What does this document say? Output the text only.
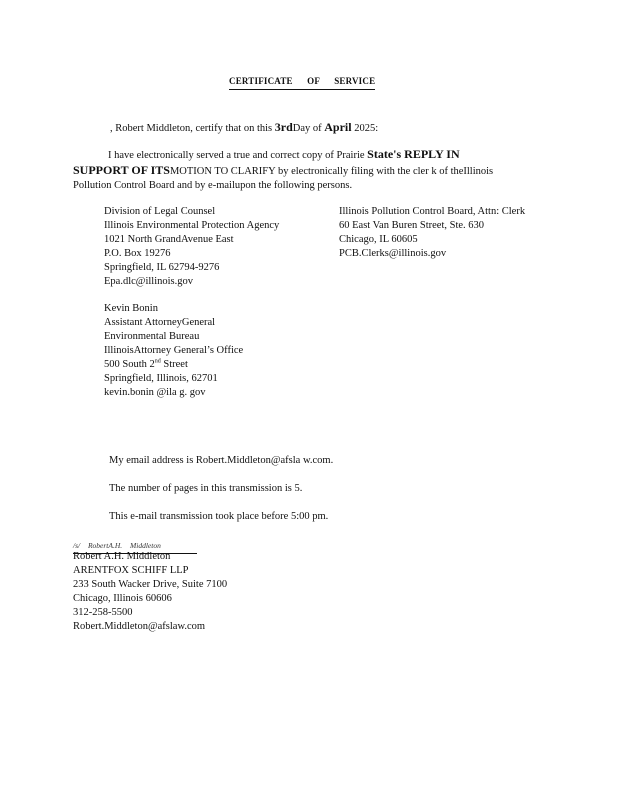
CERTIFICATE OF SERVICE
, Robert Middleton, certify that on this 3rdDay of April 2025:
I have electronically served a true and correct copy of Prairie State's REPLY IN
SUPPORT OF ITSMOTION TO CLARIFY by electronically filing with the cler k of theIllinois
Pollution Control Board and by e-mailupon the following persons.
Division of Legal Counsel
Illinois Environmental Protection Agency
1021 North GrandAvenue East
P.O. Box 19276
Springfield, IL 62794-9276
Epa.dlc@illinois.gov
Illinois Pollution Control Board, Attn: Clerk
60 East Van Buren Street, Ste. 630
Chicago, IL 60605
PCB.Clerks@illinois.gov
Kevin Bonin
Assistant AttorneyGeneral
Environmental Bureau
IllinoisAttorney General’s Office
500 South 2nd Street
Springfield, Illinois, 62701
kevin.bonin @ila g. gov
My email address is Robert.Middleton@afsla w.com.
The number of pages in this transmission is 5.
This e-mail transmission took place before 5:00 pm.
/s/ RobertA.H. Middleton
Robert A.H. Middleton
ARENTFOX SCHIFF LLP
233 South Wacker Drive, Suite 7100
Chicago, Illinois 60606
312-258-5500
Robert.Middleton@afslaw.com
